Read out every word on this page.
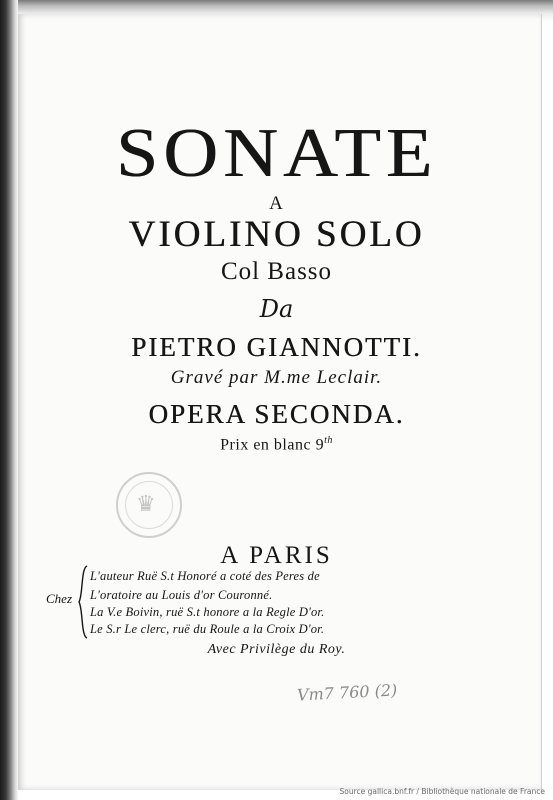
SONATE
A
VIOLINO SOLO
Col Basso
Da
PIETRO GIANNOTTI.
Gravé par M.me Leclair.
OPERA SECONDA.
Prix en blanc 9th
♛
A PARIS
Chez
L'auteur Ruë S.t Honoré a coté des Peres de
L'oratoire au Louis d'or Couronné.
La V.e Boivin, ruë S.t honore a la Regle D'or.
Le S.r Le clerc, ruë du Roule a la Croix D'or.
Avec Privilège du Roy.
Vm7 760 (2)
Source gallica.bnf.fr / Bibliothèque nationale de France
